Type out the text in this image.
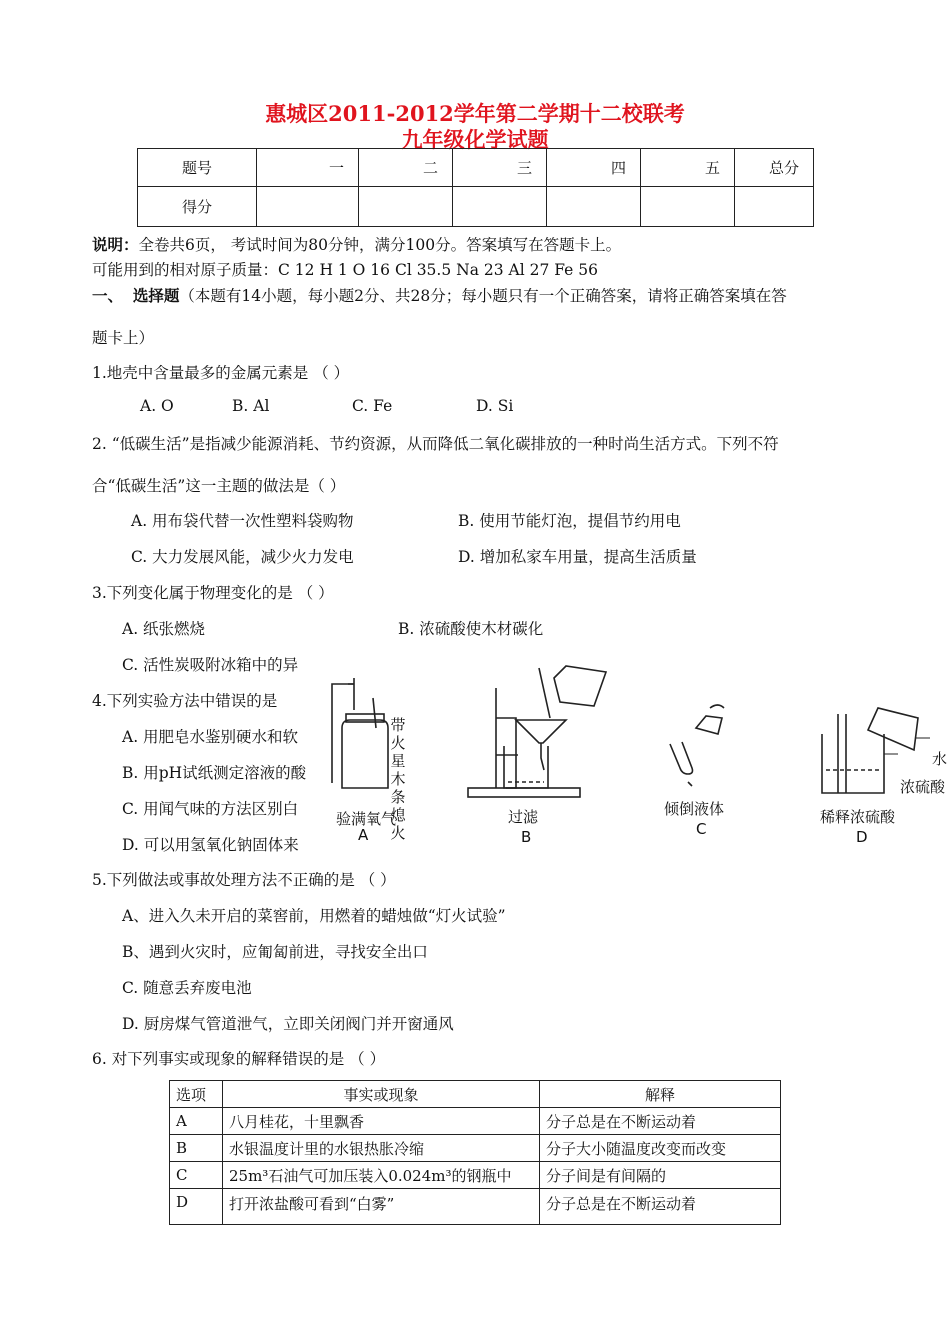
惠城区2011-2012学年第二学期十二校联考
九年级化学试题
题号	一	二	三	四	五	总分
得分						
说明：全卷共6页， 考试时间为80分钟，满分100分。答案填写在答题卡上。
可能用到的相对原子质量：C 12 H 1 O 16 Cl 35.5 Na 23 Al 27 Fe 56
一、 选择题（本题有14小题，每小题2分、共28分；每小题只有一个正确答案，请将正确答案填在答
题卡上）
1.地壳中含量最多的金属元素是 （ ）
A. O	B. Al	C. Fe	D. Si
2. “低碳生活”是指减少能源消耗、节约资源，从而降低二氧化碳排放的一种时尚生活方式。下列不符
合“低碳生活”这一主题的做法是（ ）
A. 用布袋代替一次性塑料袋购物	B. 使用节能灯泡，提倡节约用电
C. 大力发展风能，减少火力发电	D. 增加私家车用量，提高生活质量
3.下列变化属于物理变化的是 （ ）
A. 纸张燃烧	B. 浓硫酸使木材碳化
C. 活性炭吸附冰箱中的异
4.下列实验方法中错误的是
A. 用肥皂水鉴别硬水和软
B. 用pH试纸测定溶液的酸
C. 用闻气味的方法区别白
D. 可以用氢氧化钠固体来
带火星木条熄火
验满氧气
A
过滤
B
倾倒液体
C
稀释浓硫酸
D
水
浓硫酸
5.下列做法或事故处理方法不正确的是 （ ）
A、进入久未开启的菜窖前，用燃着的蜡烛做“灯火试验”
B、遇到火灾时，应匍匐前进，寻找安全出口
C. 随意丢弃废电池
D. 厨房煤气管道泄气，立即关闭阀门并开窗通风
6. 对下列事实或现象的解释错误的是 （ ）
选项	事实或现象	解释
A	八月桂花，十里飘香	分子总是在不断运动着
B	水银温度计里的水银热胀冷缩	分子大小随温度改变而改变
C	25m³石油气可加压装入0.024m³的钢瓶中	分子间是有间隔的
D	打开浓盐酸可看到“白雾”	分子总是在不断运动着
